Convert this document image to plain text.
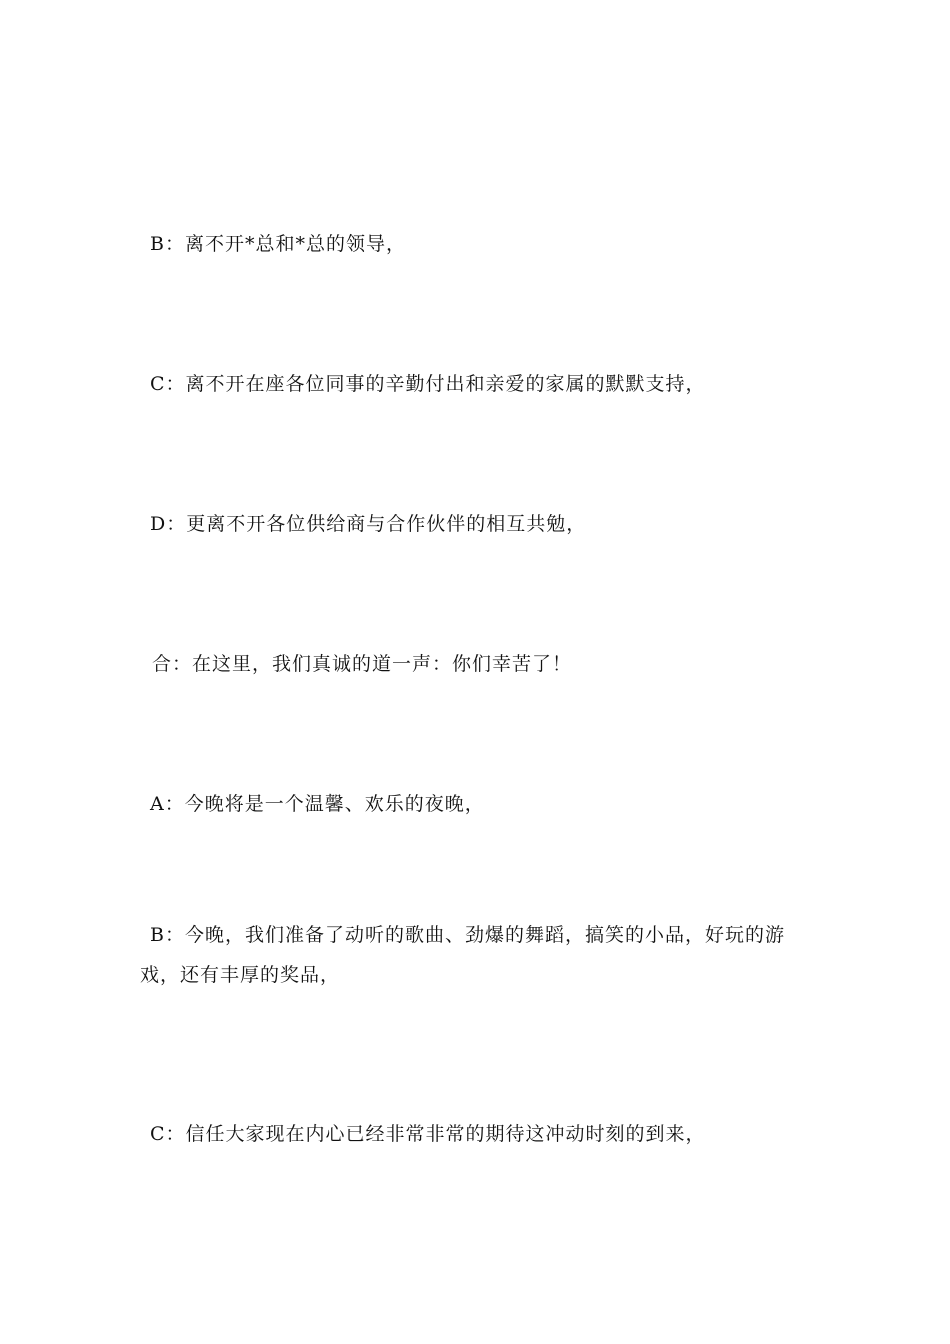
B：离不开*总和*总的领导，
C：离不开在座各位同事的辛勤付出和亲爱的家属的默默支持，
D：更离不开各位供给商与合作伙伴的相互共勉，
合：在这里，我们真诚的道一声：你们幸苦了！
A：今晚将是一个温馨、欢乐的夜晚，
B：今晚，我们准备了动听的歌曲、劲爆的舞蹈，搞笑的小品，好玩的游戏，还有丰厚的奖品，
C：信任大家现在内心已经非常非常的期待这冲动时刻的到来，
